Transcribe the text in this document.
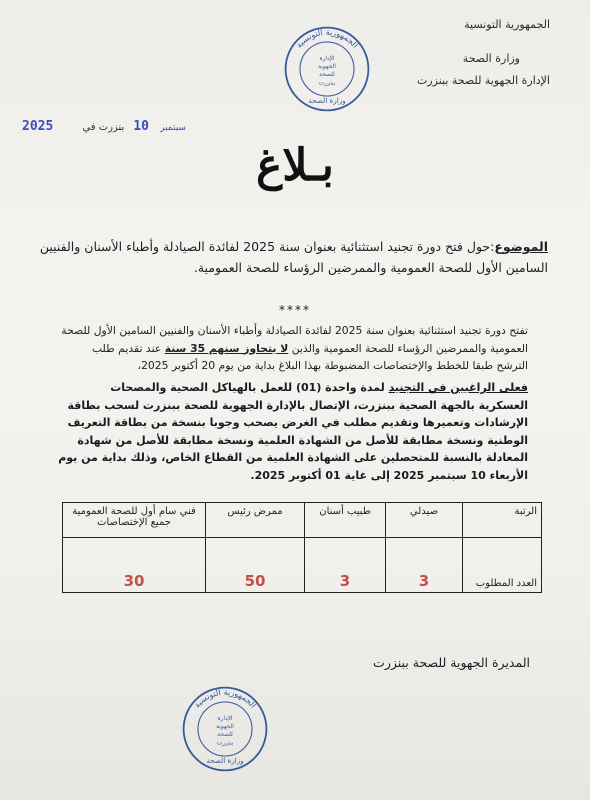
الجمهورية التونسية
وزارة الصحة
الإدارة الجهوية للصحة ببنزرت
الجمهورية التونسية
الإدارة
الجهوية
للصحة
ببنزرت
وزارة الصحة
2025	سبتمبر 10 بنزرت في
بـلاغ
الموضوع:حول فتح دورة تجنيد استثنائية بعنوان سنة 2025 لفائدة الصيادلة وأطباء الأسنان والفنيين السامين الأول للصحة العمومية والممرضين الرؤساء للصحة العمومية.
****
تفتح دورة تجنيد استثنائية بعنوان سنة 2025 لفائدة الصيادلة وأطباء الأسنان والفنيين السامين الأول للصحة العمومية والممرضين الرؤساء للصحة العمومية والذين لا يتجاوز سنهم 35 سنة عند تقديم طلب الترشح طبقا للخطط والإختصاصات المضبوطة بهذا البلاغ بداية من يوم 20 أكتوبر 2025،
فعلى الراغبين في التجنيد لمدة واحدة (01) للعمل بالهياكل الصحية والمصحات العسكرية بالجهة الصحية ببنزرت، الإتصال بالإدارة الجهوية للصحة ببنزرت لسحب بطاقة الإرشادات وتعميرها وتقديم مطلب في الغرض يصحب وجوبا بنسخة من بطاقة التعريف الوطنية ونسخة مطابقة للأصل من الشهادة العلمية ونسخة مطابقة للأصل من شهادة المعادلة بالنسبة للمتحصلين على الشهادة العلمية من القطاع الخاص، وذلك بداية من يوم الأربعاء 10 سبتمبر 2025 إلى غاية 01 أكتوبر 2025.
الرتبة	صيدلي	طبيب أسنان	ممرض رئيس	فني سام أول للصحة العمومية جميع الإختصاصات
العدد المطلوب	3	3	50	30
المديرة الجهوية للصحة ببنزرت
الجمهورية التونسية
الإدارة
الجهوية
للصحة
ببنزرت
وزارة الصحة
